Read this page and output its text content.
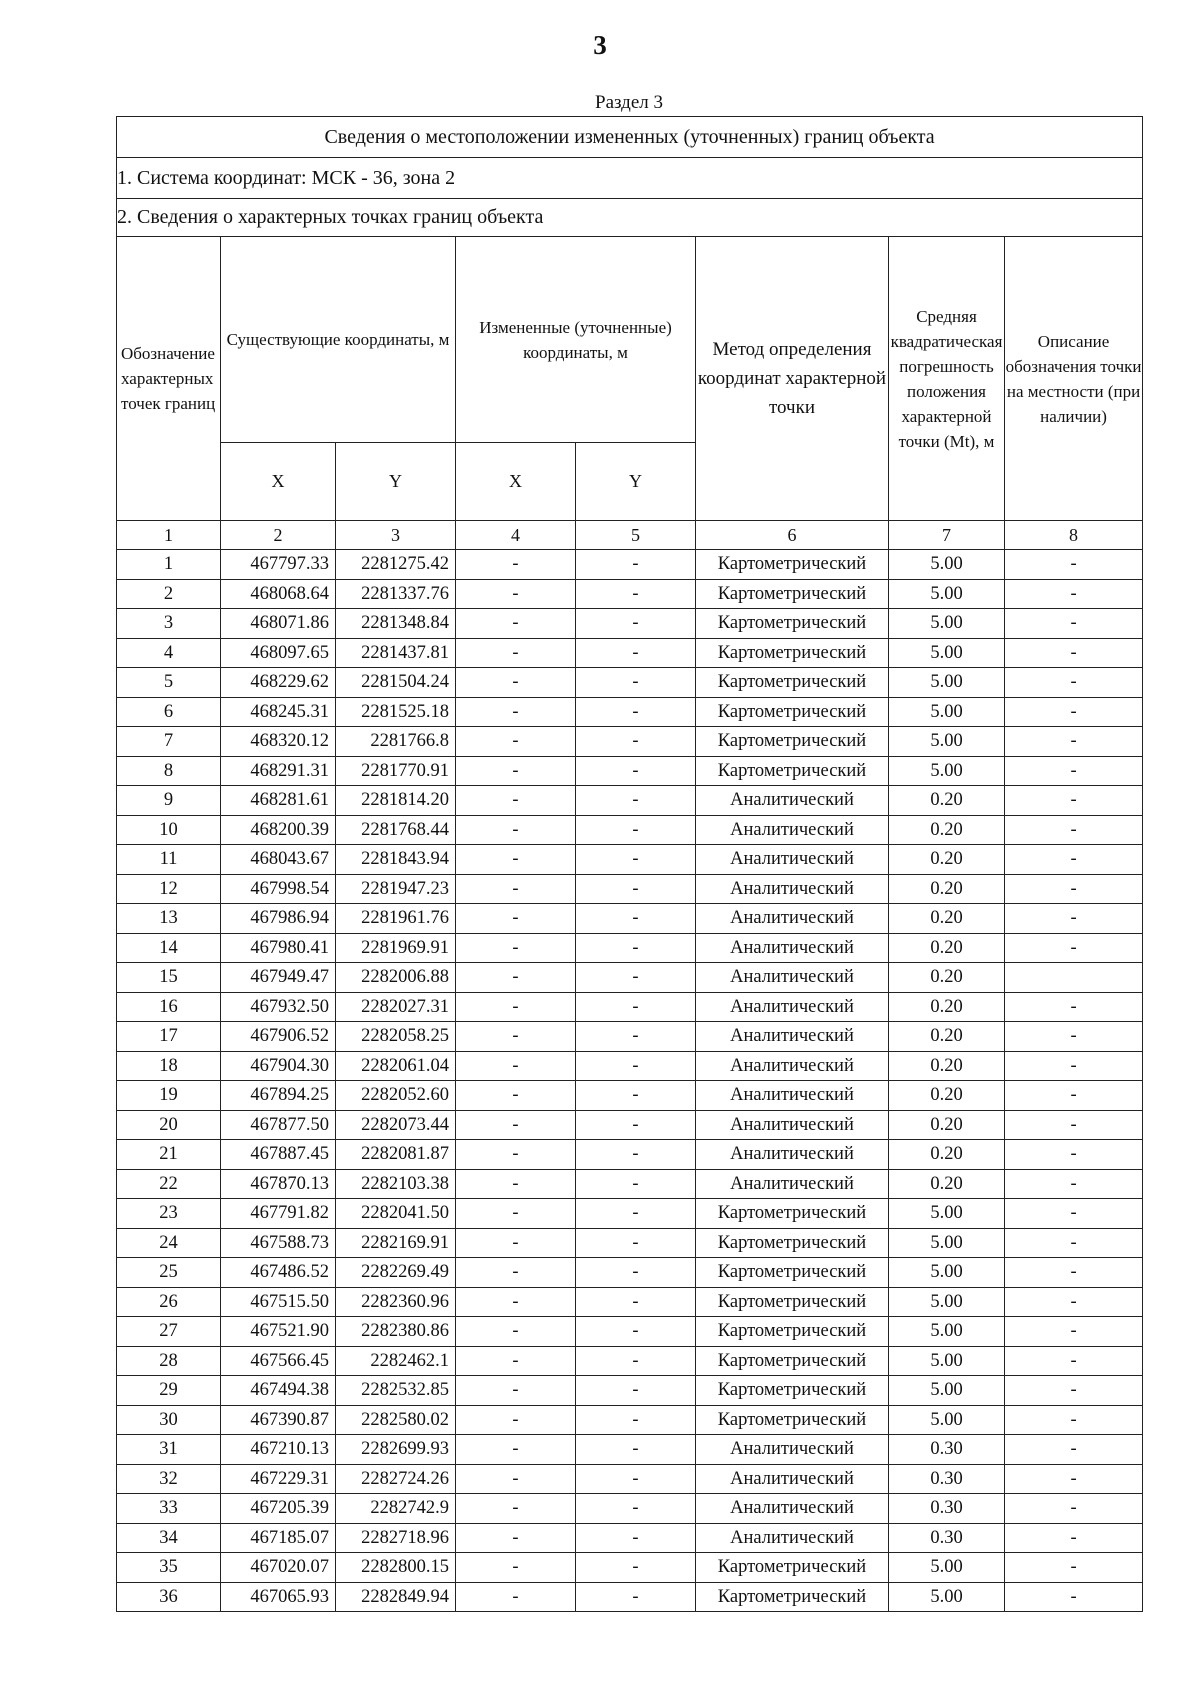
3
Раздел 3
Сведения о местоположении измененных (уточненных) границ объекта							
1. Система координат: МСК - 36, зона 2							
2. Сведения о характерных точках границ объекта							
Обозначение характерных точек границ	Существующие координаты, м		Измененные (уточненные) координаты, м		Метод определения координат характерной точки	Средняя квадратическая погрешность положения характерной точки (Mt), м	Описание обозначения точки на местности (при наличии)
	X	Y	X	Y			
1	2	3	4	5	6	7	8
1	467797.33	2281275.42	-	-	Картометрический	5.00	-
2	468068.64	2281337.76	-	-	Картометрический	5.00	-
3	468071.86	2281348.84	-	-	Картометрический	5.00	-
4	468097.65	2281437.81	-	-	Картометрический	5.00	-
5	468229.62	2281504.24	-	-	Картометрический	5.00	-
6	468245.31	2281525.18	-	-	Картометрический	5.00	-
7	468320.12	2281766.8	-	-	Картометрический	5.00	-
8	468291.31	2281770.91	-	-	Картометрический	5.00	-
9	468281.61	2281814.20	-	-	Аналитический	0.20	-
10	468200.39	2281768.44	-	-	Аналитический	0.20	-
11	468043.67	2281843.94	-	-	Аналитический	0.20	-
12	467998.54	2281947.23	-	-	Аналитический	0.20	-
13	467986.94	2281961.76	-	-	Аналитический	0.20	-
14	467980.41	2281969.91	-	-	Аналитический	0.20	-
15	467949.47	2282006.88	-	-	Аналитический	0.20	
16	467932.50	2282027.31	-	-	Аналитический	0.20	-
17	467906.52	2282058.25	-	-	Аналитический	0.20	-
18	467904.30	2282061.04	-	-	Аналитический	0.20	-
19	467894.25	2282052.60	-	-	Аналитический	0.20	-
20	467877.50	2282073.44	-	-	Аналитический	0.20	-
21	467887.45	2282081.87	-	-	Аналитический	0.20	-
22	467870.13	2282103.38	-	-	Аналитический	0.20	-
23	467791.82	2282041.50	-	-	Картометрический	5.00	-
24	467588.73	2282169.91	-	-	Картометрический	5.00	-
25	467486.52	2282269.49	-	-	Картометрический	5.00	-
26	467515.50	2282360.96	-	-	Картометрический	5.00	-
27	467521.90	2282380.86	-	-	Картометрический	5.00	-
28	467566.45	2282462.1	-	-	Картометрический	5.00	-
29	467494.38	2282532.85	-	-	Картометрический	5.00	-
30	467390.87	2282580.02	-	-	Картометрический	5.00	-
31	467210.13	2282699.93	-	-	Аналитический	0.30	-
32	467229.31	2282724.26	-	-	Аналитический	0.30	-
33	467205.39	2282742.9	-	-	Аналитический	0.30	-
34	467185.07	2282718.96	-	-	Аналитический	0.30	-
35	467020.07	2282800.15	-	-	Картометрический	5.00	-
36	467065.93	2282849.94	-	-	Картометрический	5.00	-
